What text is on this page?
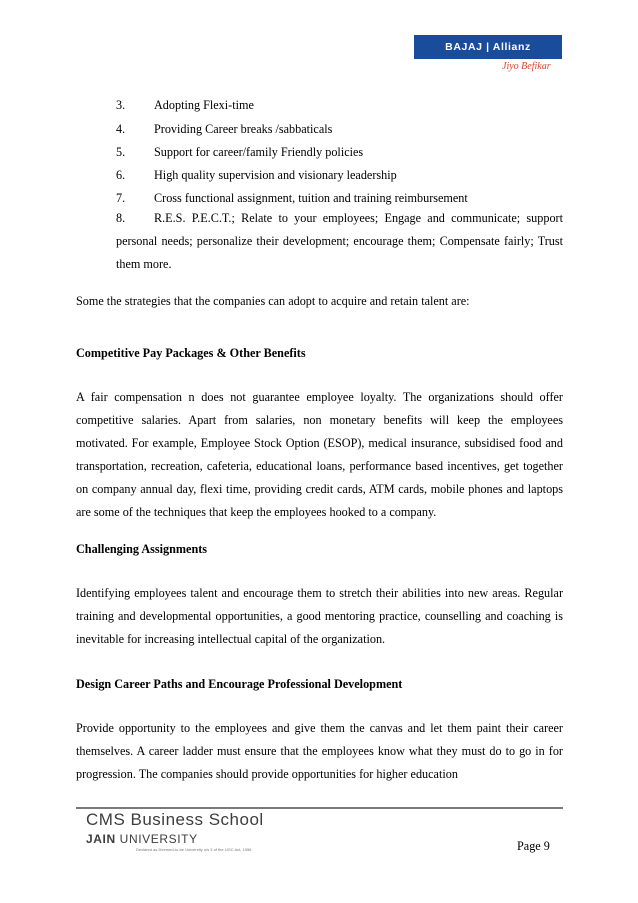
BAJAJ | Allianz
Jiyo Befikar
3. Adopting Flexi-time
4. Providing Career breaks /sabbaticals
5. Support for career/family Friendly policies
6. High quality supervision and visionary leadership
7. Cross functional assignment, tuition and training reimbursement
8.	R.E.S. P.E.C.T.; Relate to your employees; Engage and communicate; support
personal needs; personalize their development; encourage them; Compensate fairly; Trust them more.
Some the strategies that the companies can adopt to acquire and retain talent are:
Competitive Pay Packages & Other Benefits
A fair compensation n does not guarantee employee loyalty. The organizations should offer competitive salaries. Apart from salaries, non monetary benefits will keep the employees motivated. For example, Employee Stock Option (ESOP), medical insurance, subsidised food and transportation, recreation, cafeteria, educational loans, performance based incentives, get together on company annual day, flexi time, providing credit cards, ATM cards, mobile phones and laptops are some of the techniques that keep the employees hooked to a company.
Challenging Assignments
Identifying employees talent and encourage them to stretch their abilities into new areas. Regular training and developmental opportunities, a good mentoring practice, counselling and coaching is inevitable for increasing intellectual capital of the organization.
Design Career Paths and Encourage Professional Development
Provide opportunity to the employees and give them the canvas and let them paint their career themselves. A career ladder must ensure that the employees know what they must do to go in for progression. The companies should provide opportunities for higher education
CMS Business School
JAIN UNIVERSITY
Declared as Deemed-to-be University u/s 3 of the UGC Act, 1956	Page 9
